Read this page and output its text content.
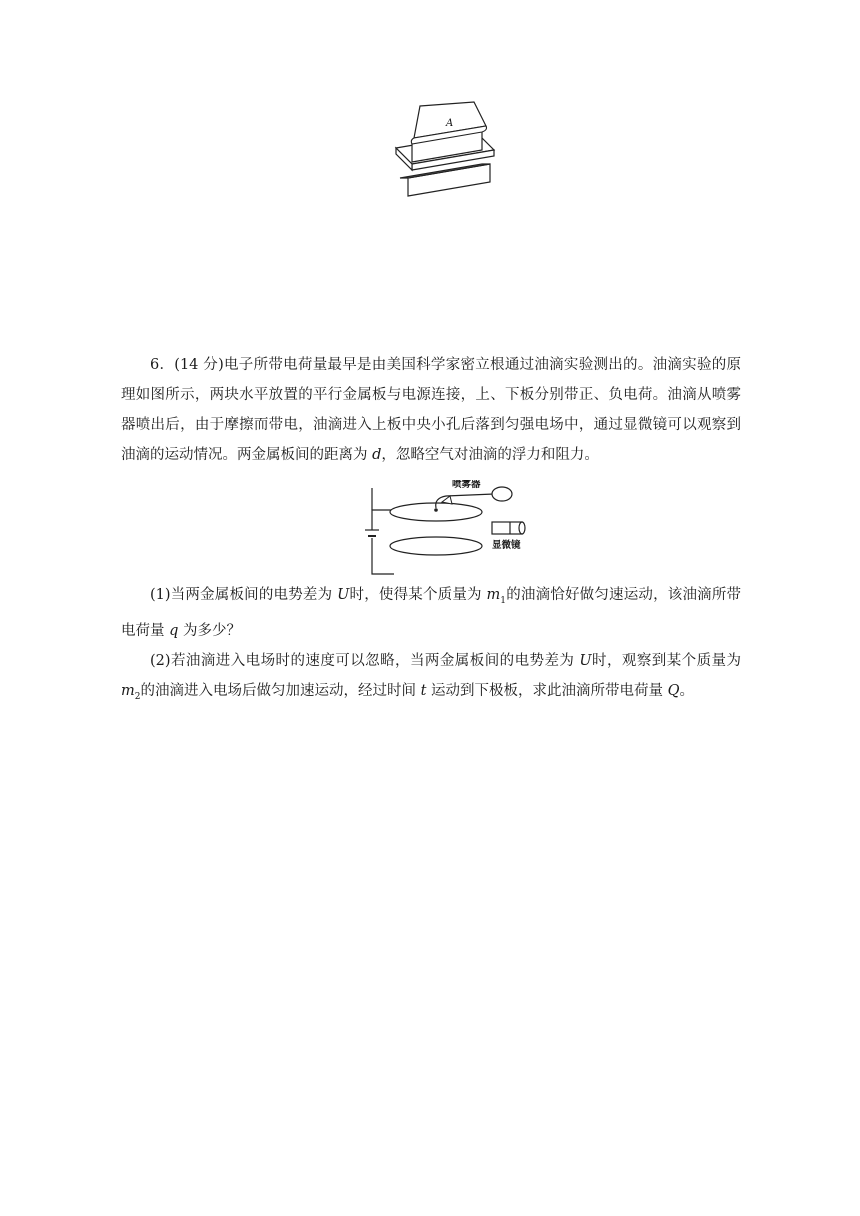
A

6．(14 分)电子所带电荷量最早是由美国科学家密立根通过油滴实验测出的。油滴实验的原理如图所示，两块水平放置的平行金属板与电源连接，上、下板分别带正、负电荷。油滴从喷雾器喷出后，由于摩擦而带电，油滴进入上板中央小孔后落到匀强电场中，通过显微镜可以观察到油滴的运动情况。两金属板间的距离为 d，忽略空气对油滴的浮力和阻力。

喷雾器
显微镜

(1)当两金属板间的电势差为 U时，使得某个质量为 $m_1$的油滴恰好做匀速运动，该油滴所带电荷量 q 为多少？

(2)若油滴进入电场时的速度可以忽略，当两金属板间的电势差为 U时，观察到某个质量为 $m_2$的油滴进入电场后做匀加速运动，经过时间 t 运动到下极板，求此油滴所带电荷量 Q。
